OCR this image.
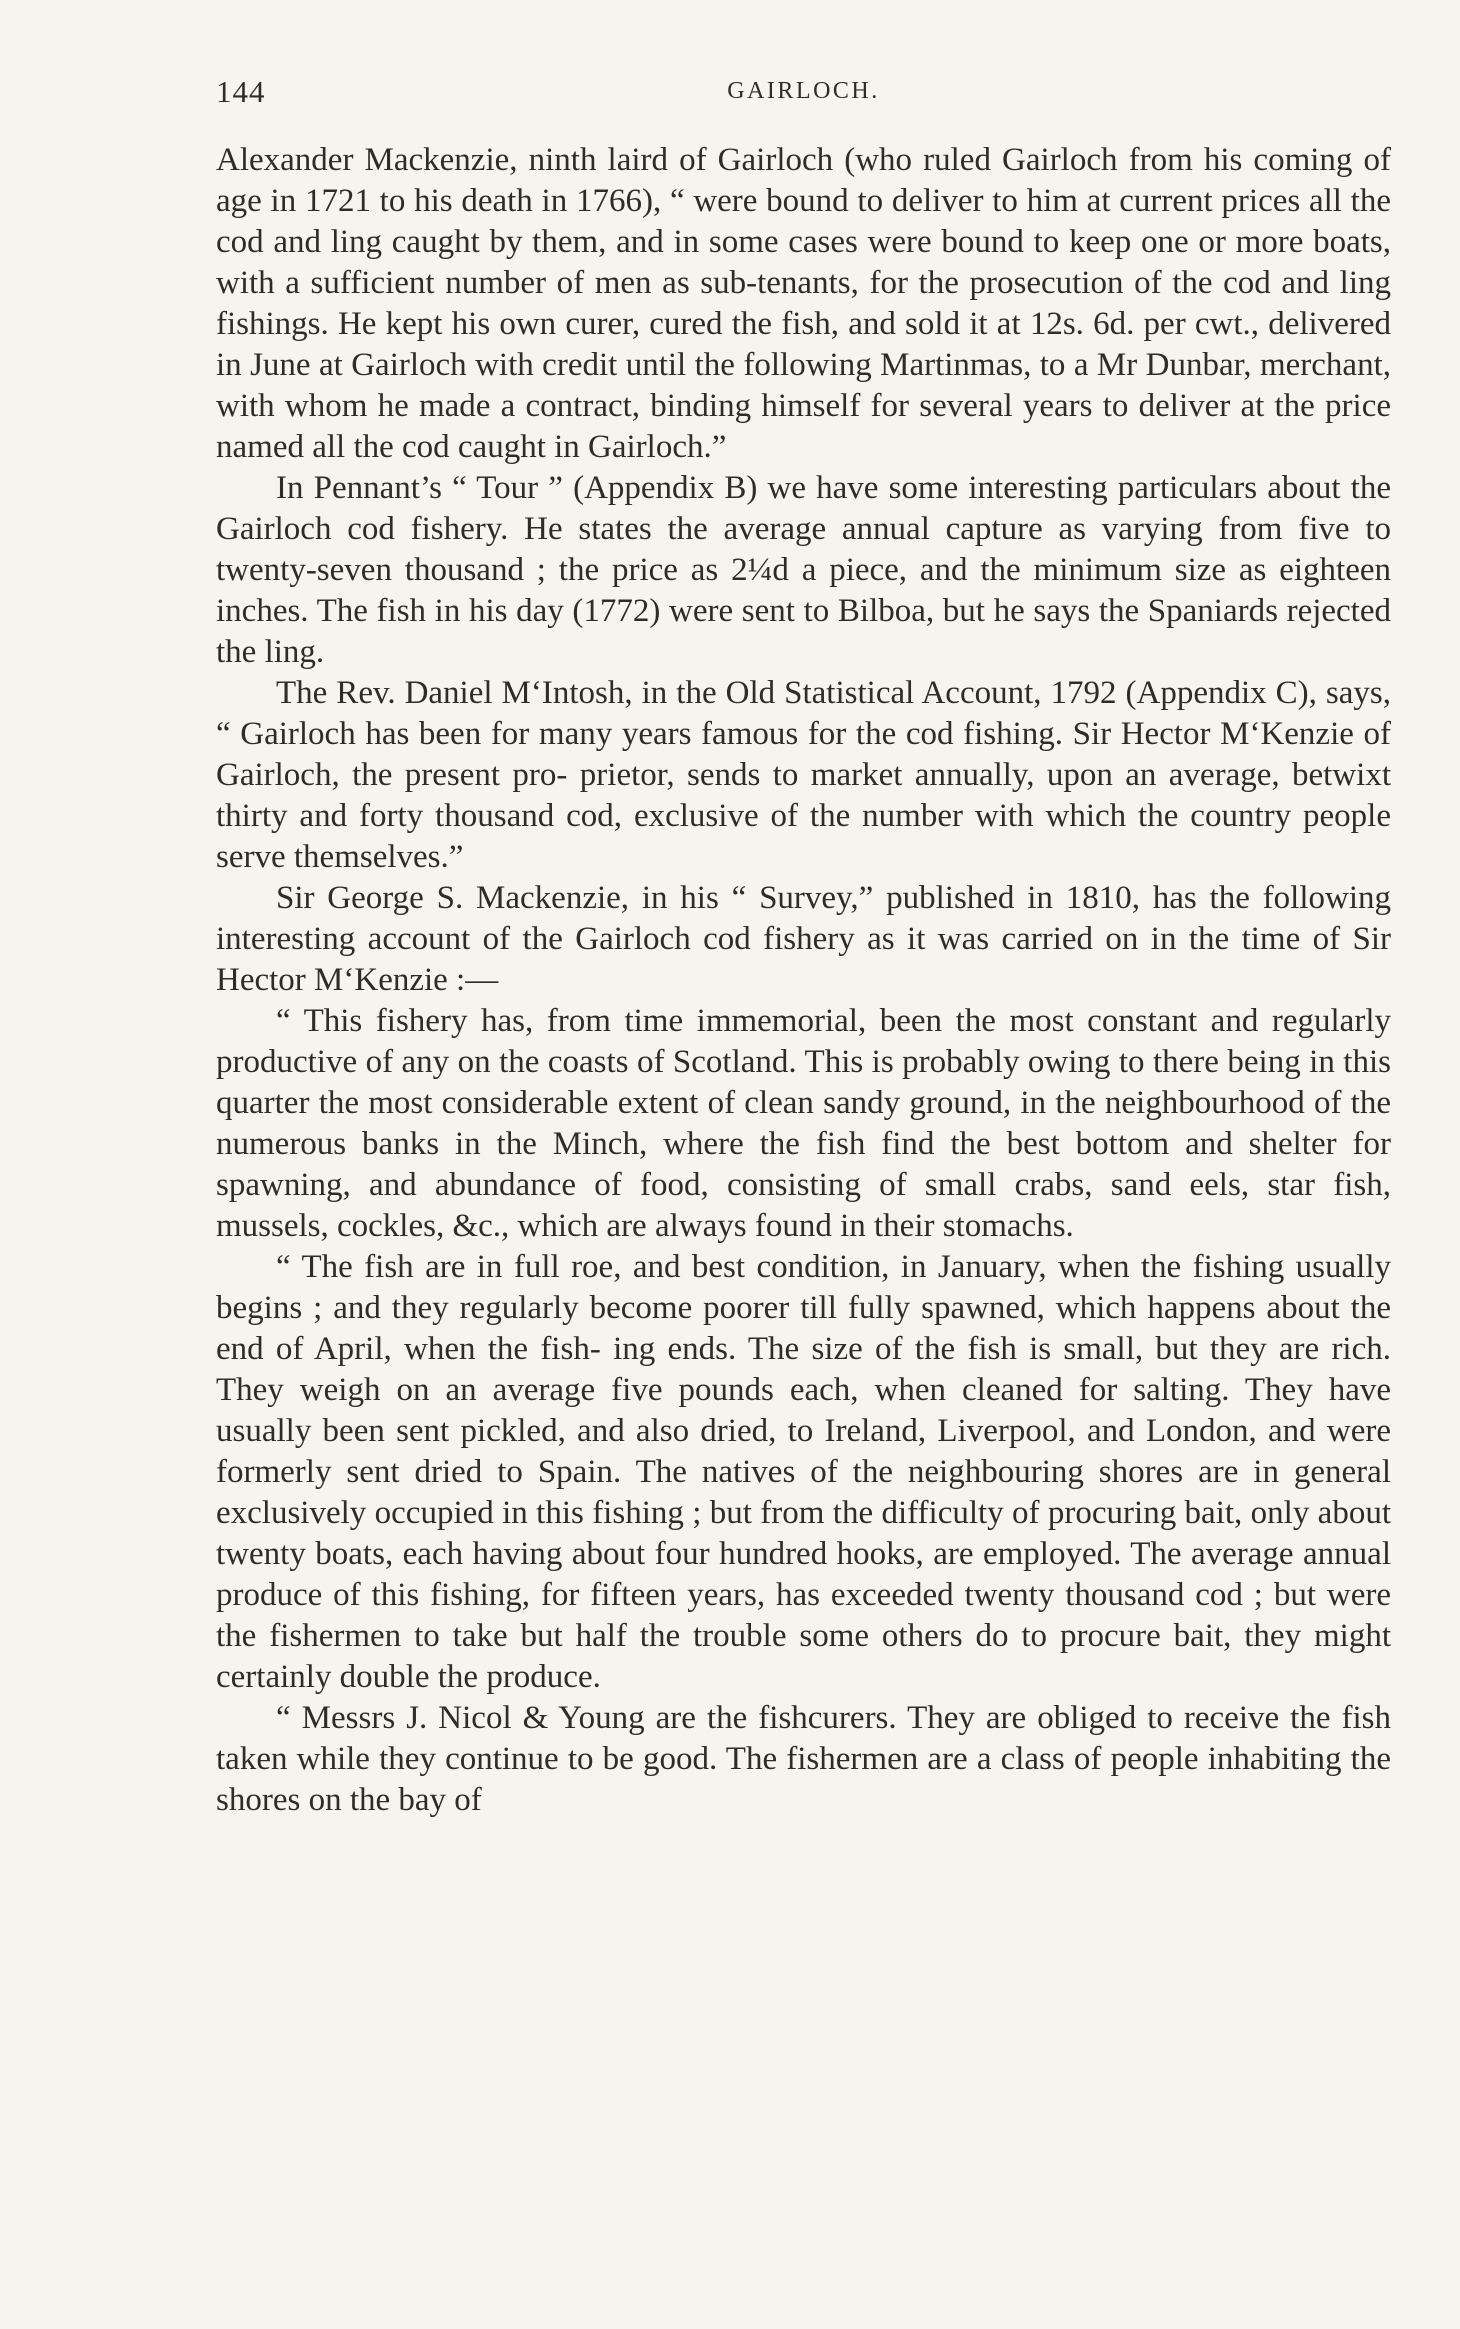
144	GAIRLOCH.

Alexander Mackenzie, ninth laird of Gairloch (who ruled Gairloch from his coming of age in 1721 to his death in 1766), “ were bound to deliver to him at current prices all the cod and ling caught by them, and in some cases were bound to keep one or more boats, with a sufficient number of men as sub-tenants, for the prosecution of the cod and ling fishings. He kept his own curer, cured the fish, and sold it at 12s. 6d. per cwt., delivered in June at Gairloch with credit until the following Martinmas, to a Mr Dunbar, merchant, with whom he made a contract, binding himself for several years to deliver at the price named all the cod caught in Gairloch.”

In Pennant’s “ Tour ” (Appendix B) we have some interesting particulars about the Gairloch cod fishery. He states the average annual capture as varying from five to twenty-seven thousand ; the price as 2¼d a piece, and the minimum size as eighteen inches. The fish in his day (1772) were sent to Bilboa, but he says the Spaniards rejected the ling.

The Rev. Daniel M‘Intosh, in the Old Statistical Account, 1792 (Appendix C), says, “ Gairloch has been for many years famous for the cod fishing. Sir Hector M‘Kenzie of Gairloch, the present pro- prietor, sends to market annually, upon an average, betwixt thirty and forty thousand cod, exclusive of the number with which the country people serve themselves.”

Sir George S. Mackenzie, in his “ Survey,” published in 1810, has the following interesting account of the Gairloch cod fishery as it was carried on in the time of Sir Hector M‘Kenzie :—

“ This fishery has, from time immemorial, been the most constant and regularly productive of any on the coasts of Scotland. This is probably owing to there being in this quarter the most considerable extent of clean sandy ground, in the neighbourhood of the numerous banks in the Minch, where the fish find the best bottom and shelter for spawning, and abundance of food, consisting of small crabs, sand eels, star fish, mussels, cockles, &c., which are always found in their stomachs.

“ The fish are in full roe, and best condition, in January, when the fishing usually begins ; and they regularly become poorer till fully spawned, which happens about the end of April, when the fish- ing ends. The size of the fish is small, but they are rich. They weigh on an average five pounds each, when cleaned for salting. They have usually been sent pickled, and also dried, to Ireland, Liverpool, and London, and were formerly sent dried to Spain. The natives of the neighbouring shores are in general exclusively occupied in this fishing ; but from the difficulty of procuring bait, only about twenty boats, each having about four hundred hooks, are employed. The average annual produce of this fishing, for fifteen years, has exceeded twenty thousand cod ; but were the fishermen to take but half the trouble some others do to procure bait, they might certainly double the produce.

“ Messrs J. Nicol & Young are the fishcurers. They are obliged to receive the fish taken while they continue to be good. The fishermen are a class of people inhabiting the shores on the bay of
